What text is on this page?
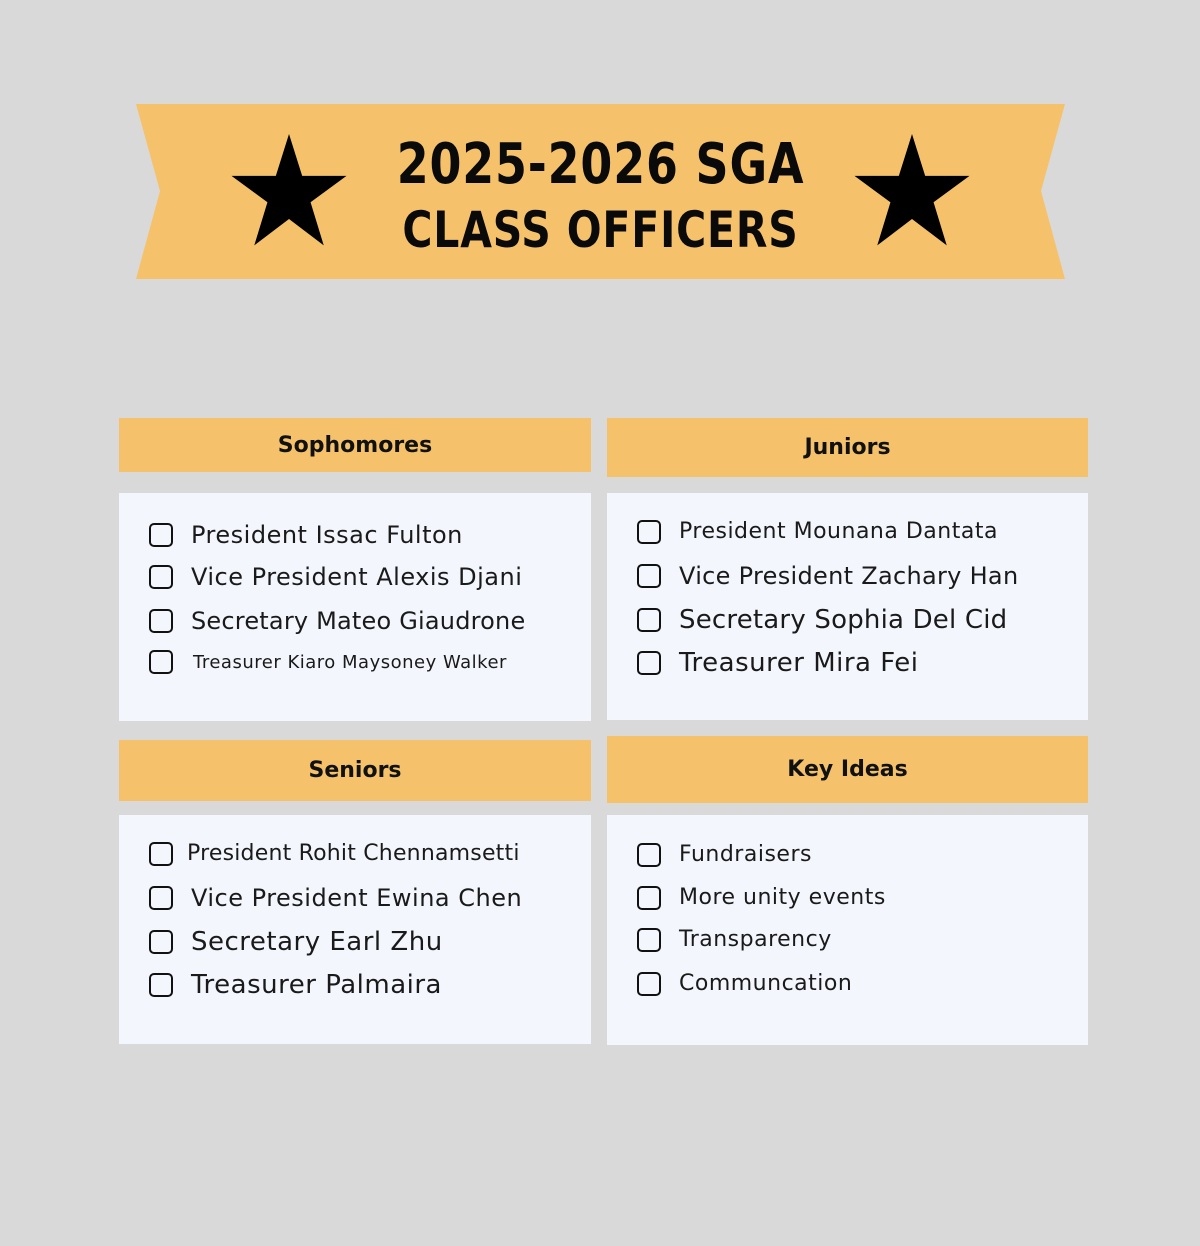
2025-2026 SGA
CLASS OFFICERS
Sophomores
President Issac Fulton
Vice President Alexis Djani
Secretary Mateo Giaudrone
Treasurer Kiaro Maysoney Walker
Juniors
President Mounana Dantata
Vice President Zachary Han
Secretary Sophia Del Cid
Treasurer Mira Fei
Seniors
President Rohit Chennamsetti
Vice President Ewina Chen
Secretary Earl Zhu
Treasurer Palmaira
Key Ideas
Fundraisers
More unity events
Transparency
Communcation
